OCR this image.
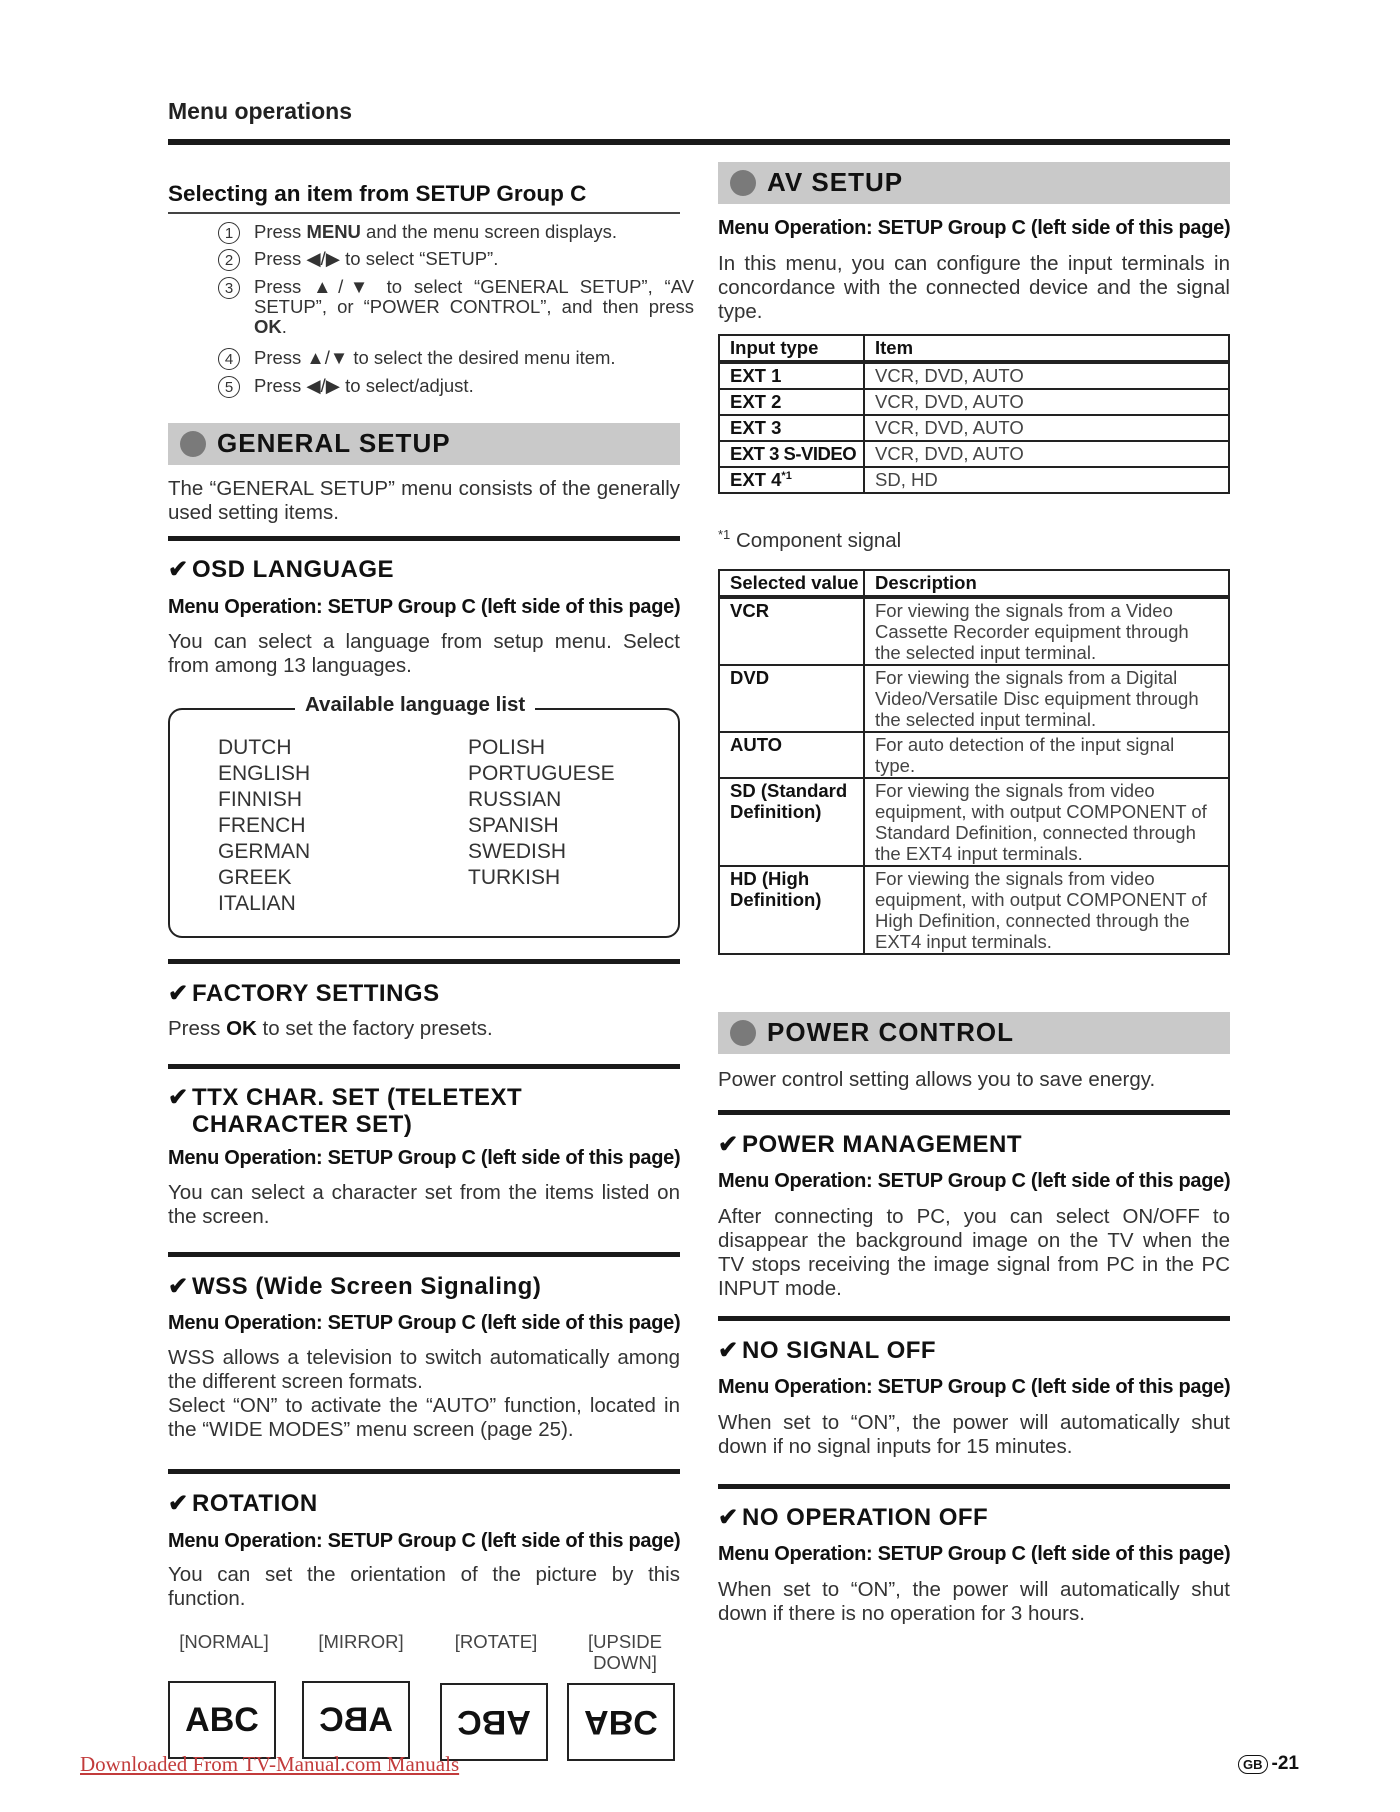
Menu operations
Selecting an item from SETUP Group C
1	Press MENU and the menu screen displays.
2	Press ◀/▶ to select “SETUP”.
3	Press ▲/▼ to select “GENERAL SETUP”, “AV SETUP”, or “POWER CONTROL”, and then press OK.
4	Press ▲/▼ to select the desired menu item.
5	Press ◀/▶ to select/adjust.
GENERAL SETUP
The “GENERAL SETUP” menu consists of the generally used setting items.
✔ OSD LANGUAGE
Menu Operation: SETUP Group C (left side of this page)
You can select a language from setup menu. Select from among 13 languages.
Available language list
DUTCH
ENGLISH
FINNISH
FRENCH
GERMAN
GREEK
ITALIAN
POLISH
PORTUGUESE
RUSSIAN
SPANISH
SWEDISH
TURKISH
✔ FACTORY SETTINGS
Press OK to set the factory presets.
✔ TTX CHAR. SET (TELETEXT
CHARACTER SET)
Menu Operation: SETUP Group C (left side of this page)
You can select a character set from the items listed on the screen.
✔ WSS (Wide Screen Signaling)
Menu Operation: SETUP Group C (left side of this page)
WSS allows a television to switch automatically among the different screen formats.
Select “ON” to activate the “AUTO” function, located in the “WIDE MODES” menu screen (page 25).
✔ ROTATION
Menu Operation: SETUP Group C (left side of this page)
You can set the orientation of the picture by this function.
[NORMAL]	[MIRROR]	[ROTATE]	[UPSIDE DOWN]
ABC	ABC	ABC	ABC
AV SETUP
Menu Operation: SETUP Group C (left side of this page)
In this menu, you can configure the input terminals in concordance with the connected device and the signal type.
Input type	Item
EXT 1	VCR, DVD, AUTO
EXT 2	VCR, DVD, AUTO
EXT 3	VCR, DVD, AUTO
EXT 3 S-VIDEO	VCR, DVD, AUTO
EXT 4$^{*1}$	SD, HD
$^{*1}$ Component signal
Selected value	Description
VCR	For viewing the signals from a Video Cassette Recorder equipment through the selected input terminal.
DVD	For viewing the signals from a Digital Video/Versatile Disc equipment through the selected input terminal.
AUTO	For auto detection of the input signal type.
SD (Standard Definition)	For viewing the signals from video equipment, with output COMPONENT of Standard Definition, connected through the EXT4 input terminals.
HD (High Definition)	For viewing the signals from video equipment, with output COMPONENT of High Definition, connected through the EXT4 input terminals.
POWER CONTROL
Power control setting allows you to save energy.
✔ POWER MANAGEMENT
Menu Operation: SETUP Group C (left side of this page)
After connecting to PC, you can select ON/OFF to disappear the background image on the TV when the TV stops receiving the image signal from PC in the PC INPUT mode.
✔ NO SIGNAL OFF
Menu Operation: SETUP Group C (left side of this page)
When set to “ON”, the power will automatically shut down if no signal inputs for 15 minutes.
✔ NO OPERATION OFF
Menu Operation: SETUP Group C (left side of this page)
When set to “ON”, the power will automatically shut down if there is no operation for 3 hours.
Downloaded From TV-Manual.com Manuals	GB -21
